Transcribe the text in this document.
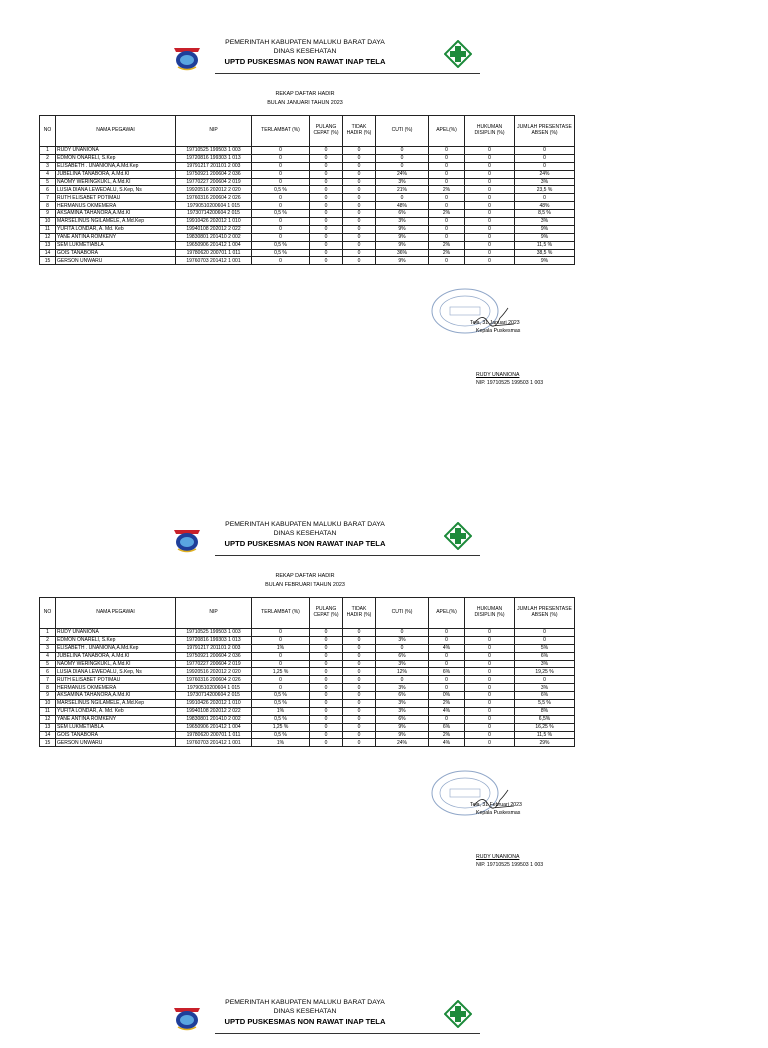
PEMERINTAH KABUPATEN MALUKU BARAT DAYA
DINAS KESEHATAN
UPTD PUSKESMAS NON RAWAT INAP TELA
REKAP DAFTAR HADIR
BULAN JANUARI TAHUN 2023
NO	NAMA PEGAWAI	NIP	TERLAMBAT (%)	PULANG CEPAT (%)	TIDAK HADIR (%)	CUTI (%)	APEL(%)	HUKUMAN DISIPLIN (%)	JUMLAH PRESENTASE ABSEN (%)
1	RUDY UNANIONA	19710525 199503 1 003	0	0	0	0	0	0	0
2	EDMON ONARELI, S.Kep	19720816 199303 1 013	0	0	0	0	0	0	0
3	ELISABETH . UNANIONA,A.Md.Kep	19791217 201101 2 003	0	0	0	0	0	0	0
4	JUBELINA TANABORA, A.Md.KI	19750921 200604 2 036	0	0	0	24%	0	0	24%
5	NAOMY WERINGKUKL, A.Md.KI	19770227 200604 2 019	0	0	0	3%	0	0	3%
6	LUSIA DIANA LEWEDALU, S.Kep, Ns	19920516 202012 2 020	0,5 %	0	0	21%	2%	0	23,5 %
7	RUTH ELISABET POTIMAU	19760316 200604 2 026	0	0	0	0	0	0	0
8	HERMANUS OKMEMERA	19790510200604 1 015	0	0	0	48%	0	0	48%
9	AKSAMINA TAHANORA,A.Md.KI	19730714200604 2 015	0,5 %	0	0	6%	2%	0	8,5 %
10	MARSELINUS NGILAMELE, A.Md.Kep	19910426 202012 1 010	0	0	0	3%	0	0	3%
11	YUFITA LONDAR, A. Md. Keb	19940108 202012 2 022	0	0	0	9%	0	0	9%
12	YANE ANTINA ROMKENY	19830801 201410 2 002	0	0	0	9%	0	0	9%
13	SEM LUKMETIABLA	19650906 201412 1 004	0,5 %	0	0	9%	2%	0	11,5 %
14	GOIS TANABORA	19780620 200701 1 011	0,5 %	0	0	36%	2%	0	38,5 %
15	GERSON UNWARU	19760703 201412 1 001	0	0	0	9%	0	0	9%
Tela, 31 Januari 2023
Kepala Puskesmas
RUDY UNANIONA
NIP. 19710525 199503 1 003
PEMERINTAH KABUPATEN MALUKU BARAT DAYA
DINAS KESEHATAN
UPTD PUSKESMAS NON RAWAT INAP TELA
REKAP DAFTAR HADIR
BULAN FEBRUARI TAHUN 2023
NO	NAMA PEGAWAI	NIP	TERLAMBAT (%)	PULANG CEPAT (%)	TIDAK HADIR (%)	CUTI (%)	APEL(%)	HUKUMAN DISIPLIN (%)	JUMLAH PRESENTASE ABSEN (%)
1	RUDY UNANIONA	19710525 199503 1 003	0	0	0	0	0	0	0
2	EDMON ONARELI, S.Kep	19720816 199303 1 013	0	0	0	3%	0	0	0
3	ELISABETH . UNANIONA,A.Md.Kep	19791217 201101 2 003	1%	0	0	0	4%	0	5%
4	JUBELINA TANABORA, A.Md.KI	19750921 200604 2 036	0	0	0	6%	0	0	6%
5	NAOMY WERINGKUKL, A.Md.KI	19770227 200604 2 019	0	0	0	3%	0	0	3%
6	LUSIA DIANA LEWEDALU, S.Kep, Ns	19920516 202012 2 020	1,25 %	0	0	12%	6%	0	19,25 %
7	RUTH ELISABET POTIMAU	19760316 200604 2 026	0	0	0	0	0	0	0
8	HERMANUS OKMEMERA	19790510200604 1 015	0	0	0	3%	0	0	3%
9	AKSAMINA TAHANORA,A.Md.KI	19730714200604 2 015	0,5 %	0	0	6%	0%	0	6%
10	MARSELINUS NGILAMELE, A.Md.Kep	19910426 202012 1 010	0,5 %	0	0	3%	2%	0	5,5 %
11	YUFITA LONDAR, A. Md. Keb	19940108 202012 2 022	1%	0	0	3%	4%	0	8%
12	YANE ANTINA ROMKENY	19830801 201410 2 002	0,5 %	0	0	6%	0	0	6,5%
13	SEM LUKMETIABLA	19650906 201412 1 004	1,25 %	0	0	9%	6%	0	16,25 %
14	GOIS TANABORA	19780620 200701 1 011	0,5 %	0	0	9%	2%	0	11,5 %
15	GERSON UNWARU	19760703 201412 1 001	1%	0	0	24%	4%	0	29%
Tela, 31 Februari 2023
Kepala Puskesmas
RUDY UNANIONA
NIP. 19710525 199503 1 003
PEMERINTAH KABUPATEN MALUKU BARAT DAYA
DINAS KESEHATAN
UPTD PUSKESMAS NON RAWAT INAP TELA
